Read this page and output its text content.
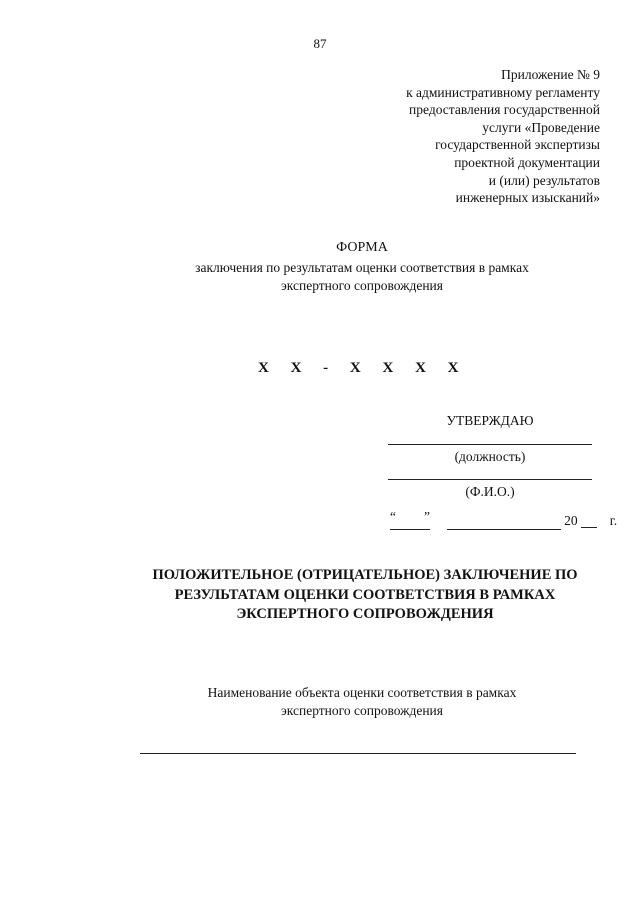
87
Приложение № 9
к административному регламенту
предоставления государственной
услуги «Проведение
государственной экспертизы
проектной документации
и (или) результатов
инженерных изысканий»
ФОРМА
заключения по результатам оценки соответствия в рамках
экспертного сопровождения
Х Х - Х Х Х Х
УТВЕРЖДАЮ
(должность)
(Ф.И.О.)
“ ”	20 г.
ПОЛОЖИТЕЛЬНОЕ (ОТРИЦАТЕЛЬНОЕ) ЗАКЛЮЧЕНИЕ ПО
РЕЗУЛЬТАТАМ ОЦЕНКИ СООТВЕТСТВИЯ В РАМКАХ
ЭКСПЕРТНОГО СОПРОВОЖДЕНИЯ
Наименование объекта оценки соответствия в рамках
экспертного сопровождения
